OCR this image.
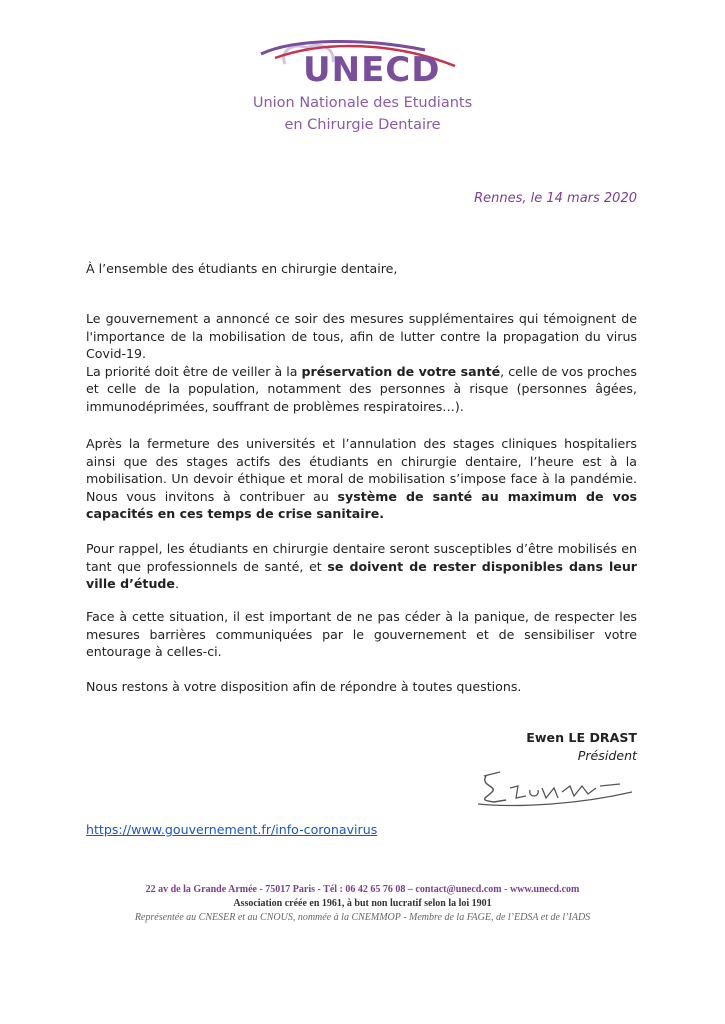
UNECD
Union Nationale des Etudiants
en Chirurgie Dentaire
Rennes, le 14 mars 2020

À l’ensemble des étudiants en chirurgie dentaire,

Le gouvernement a annoncé ce soir des mesures supplémentaires qui témoignent de l'importance de la mobilisation de tous, afin de lutter contre la propagation du virus Covid-19.

La priorité doit être de veiller à la préservation de votre santé, celle de vos proches et celle de la population, notamment des personnes à risque (personnes âgées, immunodéprimées, souffrant de problèmes respiratoires…).

Après la fermeture des universités et l’annulation des stages cliniques hospitaliers ainsi que des stages actifs des étudiants en chirurgie dentaire, l’heure est à la mobilisation. Un devoir éthique et moral de mobilisation s’impose face à la pandémie. Nous vous invitons à contribuer au système de santé au maximum de vos capacités en ces temps de crise sanitaire.

Pour rappel, les étudiants en chirurgie dentaire seront susceptibles d’être mobilisés en tant que professionnels de santé, et se doivent de rester disponibles dans leur ville d’étude.

Face à cette situation, il est important de ne pas céder à la panique, de respecter les mesures barrières communiquées par le gouvernement et de sensibiliser votre entourage à celles-ci.

Nous restons à votre disposition afin de répondre à toutes questions.

Ewen LE DRAST
Président
https://www.gouvernement.fr/info-coronavirus
22 av de la Grande Armée - 75017 Paris - Tél : 06 42 65 76 08 – contact@unecd.com - www.unecd.com
Association créée en 1961, à but non lucratif selon la loi 1901
Représentée au CNESER et au CNOUS, nommée à la CNEMMOP - Membre de la FAGE, de l’EDSA et de l’IADS
